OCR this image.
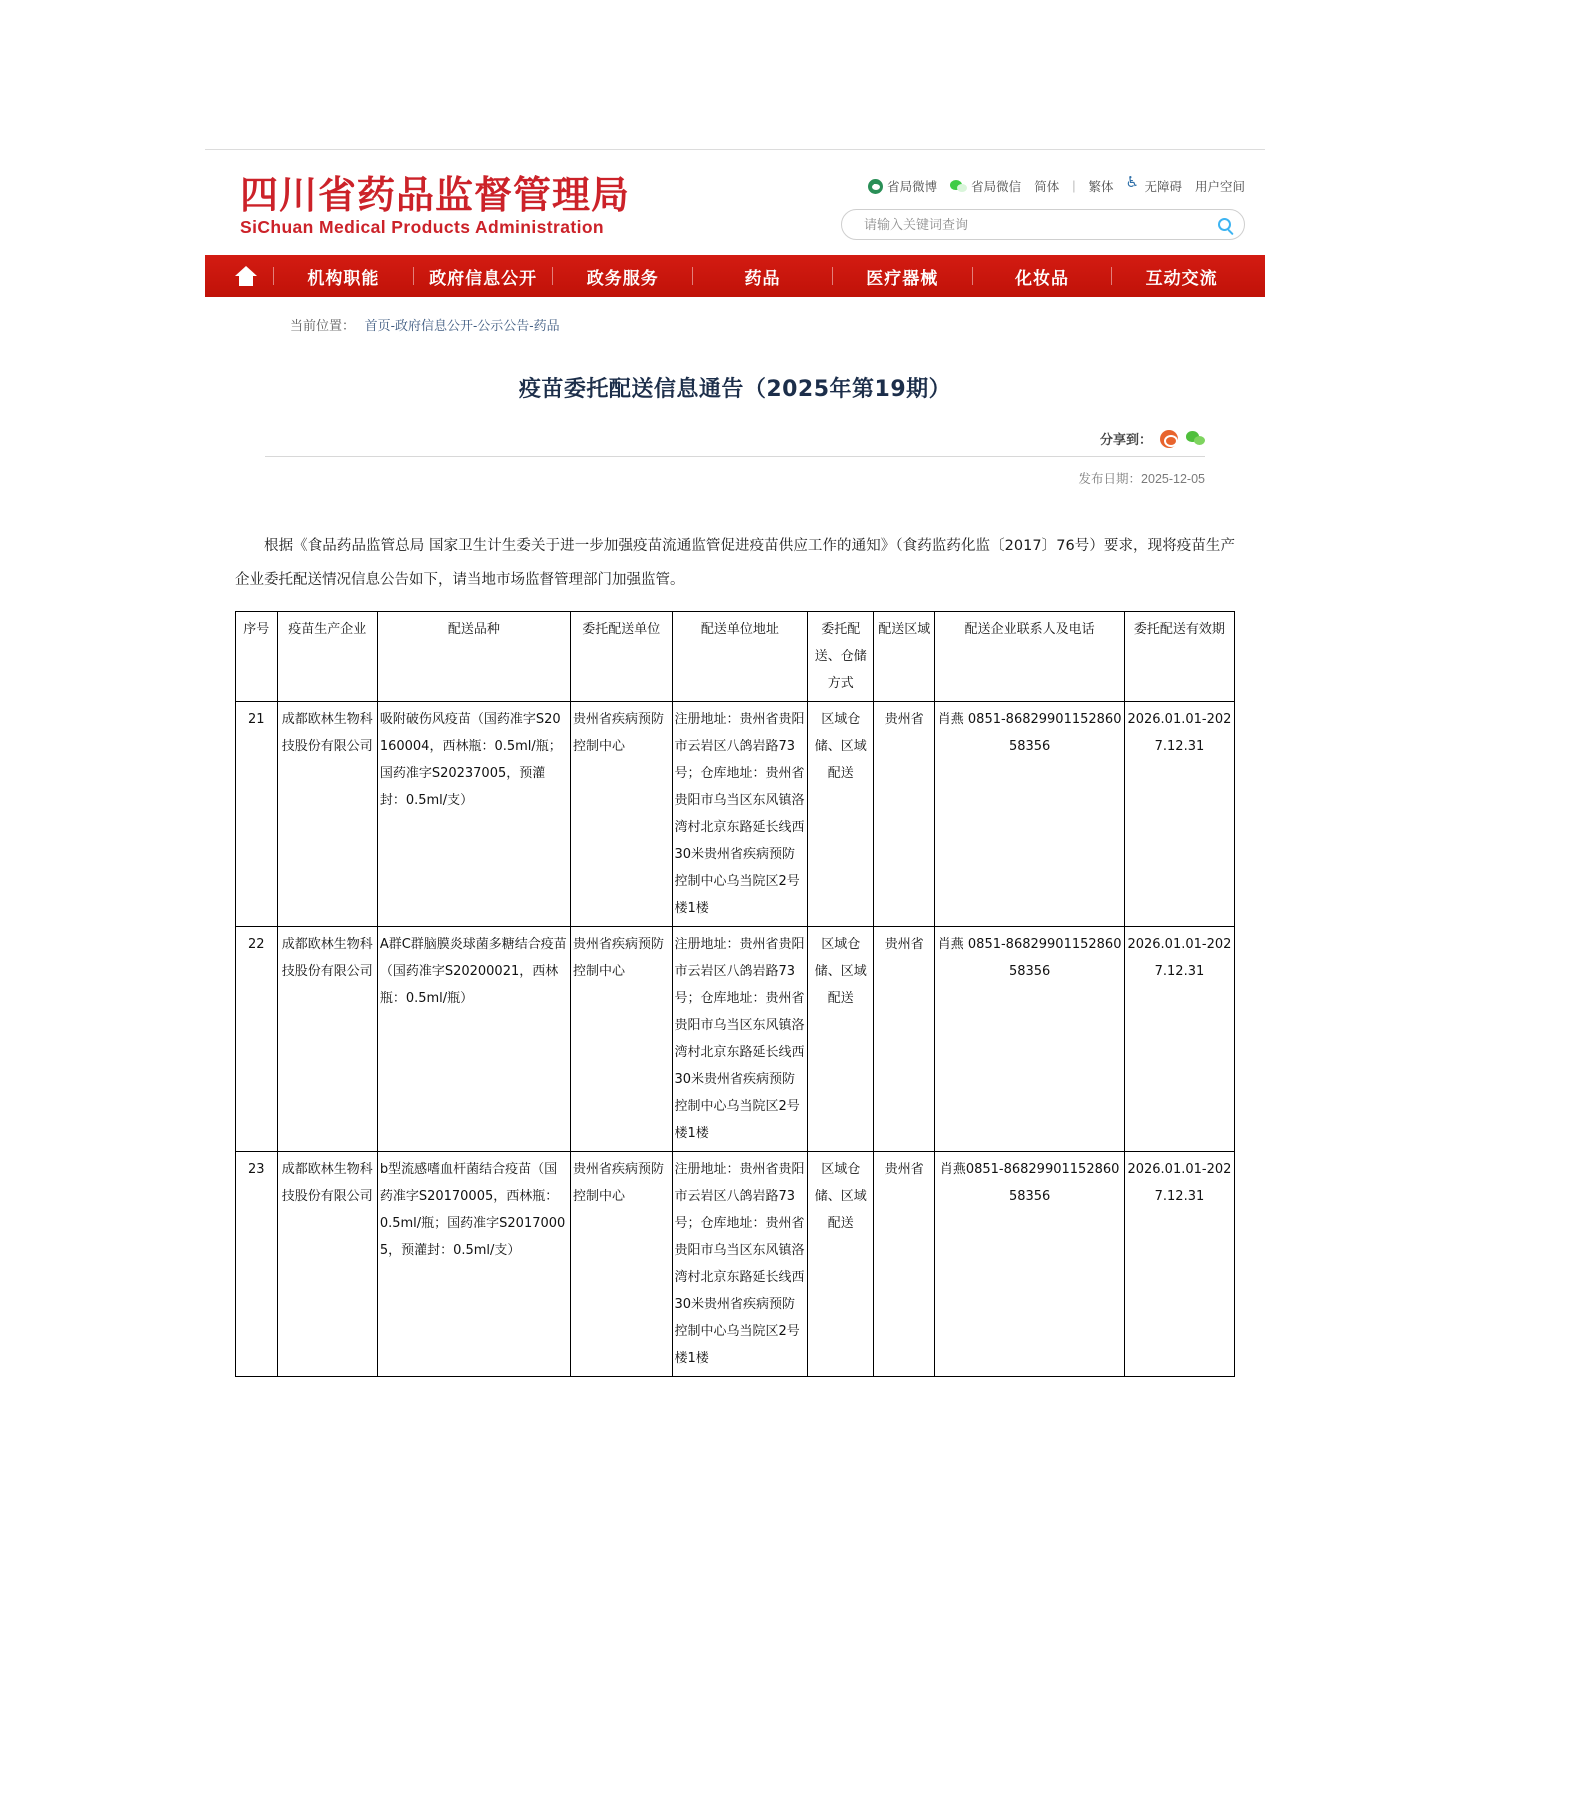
四川省药品监督管理局
SiChuan Medical Products Administration
省局微博	省局微信 简体 | 繁体 ♿ 无障碍 用户空间
请输入关键词查询
机构职能	政府信息公开	政务服务	药品	医疗器械	化妆品	互动交流
当前位置： 首页-政府信息公开-公示公告-药品
疫苗委托配送信息通告（2025年第19期）
分享到：
发布日期：2025-12-05
根据《食品药品监管总局 国家卫生计生委关于进一步加强疫苗流通监管促进疫苗供应工作的通知》（食药监药化监〔2017〕76号）要求，现将疫苗生产企业委托配送情况信息公告如下，请当地市场监督管理部门加强监管。
序号	疫苗生产企业	配送品种	委托配送单位	配送单位地址	委托配送、仓储方式	配送区域	配送企业联系人及电话	委托配送有效期
21	成都欧林生物科技股份有限公司	吸附破伤风疫苗（国药准字S20160004，西林瓶：0.5ml/瓶；国药准字S20237005，预灌封：0.5ml/支）	贵州省疾病预防控制中心	注册地址：贵州省贵阳市云岩区八鸽岩路73号；仓库地址：贵州省贵阳市乌当区东风镇洛湾村北京东路延长线西30米贵州省疾病预防控制中心乌当院区2号楼1楼	区域仓储、区域配送	贵州省	肖燕 0851-8682990115286058356	2026.01.01-2027.12.31
22	成都欧林生物科技股份有限公司	A群C群脑膜炎球菌多糖结合疫苗（国药准字S20200021，西林瓶：0.5ml/瓶）	贵州省疾病预防控制中心	注册地址：贵州省贵阳市云岩区八鸽岩路73号；仓库地址：贵州省贵阳市乌当区东风镇洛湾村北京东路延长线西30米贵州省疾病预防控制中心乌当院区2号楼1楼	区域仓储、区域配送	贵州省	肖燕 0851-8682990115286058356	2026.01.01-2027.12.31
23	成都欧林生物科技股份有限公司	b型流感嗜血杆菌结合疫苗（国药准字S20170005，西林瓶：0.5ml/瓶；国药准字S20170005，预灌封：0.5ml/支）	贵州省疾病预防控制中心	注册地址：贵州省贵阳市云岩区八鸽岩路73号；仓库地址：贵州省贵阳市乌当区东风镇洛湾村北京东路延长线西30米贵州省疾病预防控制中心乌当院区2号楼1楼	区域仓储、区域配送	贵州省	肖燕0851-8682990115286058356	2026.01.01-2027.12.31
